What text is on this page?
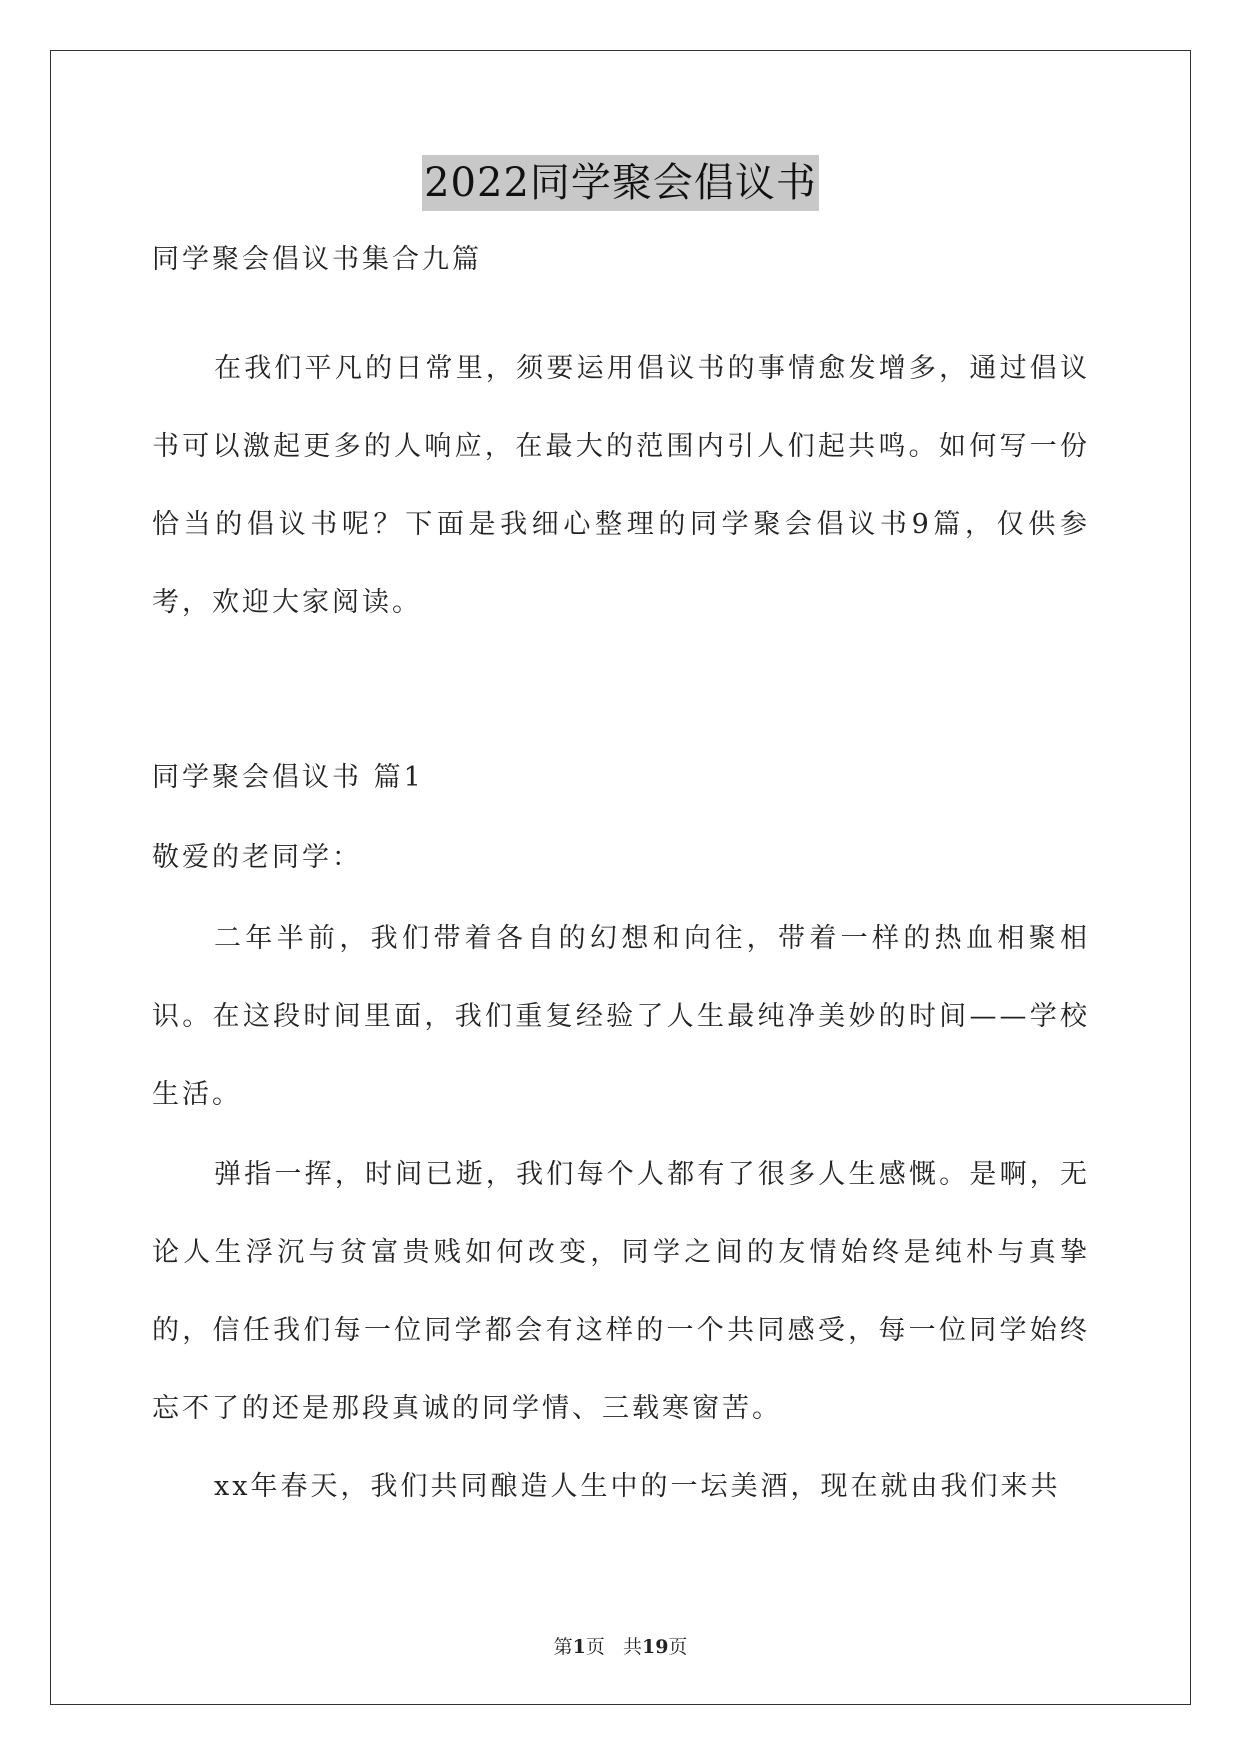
2022同学聚会倡议书
同学聚会倡议书集合九篇
在我们平凡的日常里，须要运用倡议书的事情愈发增多，通过倡议书可以激起更多的人响应，在最大的范围内引人们起共鸣。如何写一份恰当的倡议书呢？下面是我细心整理的同学聚会倡议书9篇，仅供参考，欢迎大家阅读。
同学聚会倡议书 篇1
敬爱的老同学：
二年半前，我们带着各自的幻想和向往，带着一样的热血相聚相识。在这段时间里面，我们重复经验了人生最纯净美妙的时间——学校生活。
弹指一挥，时间已逝，我们每个人都有了很多人生感慨。是啊，无论人生浮沉与贫富贵贱如何改变，同学之间的友情始终是纯朴与真挚的，信任我们每一位同学都会有这样的一个共同感受，每一位同学始终忘不了的还是那段真诚的同学情、三载寒窗苦。
xx年春天，我们共同酿造人生中的一坛美酒，现在就由我们来共
第1页 共19页
